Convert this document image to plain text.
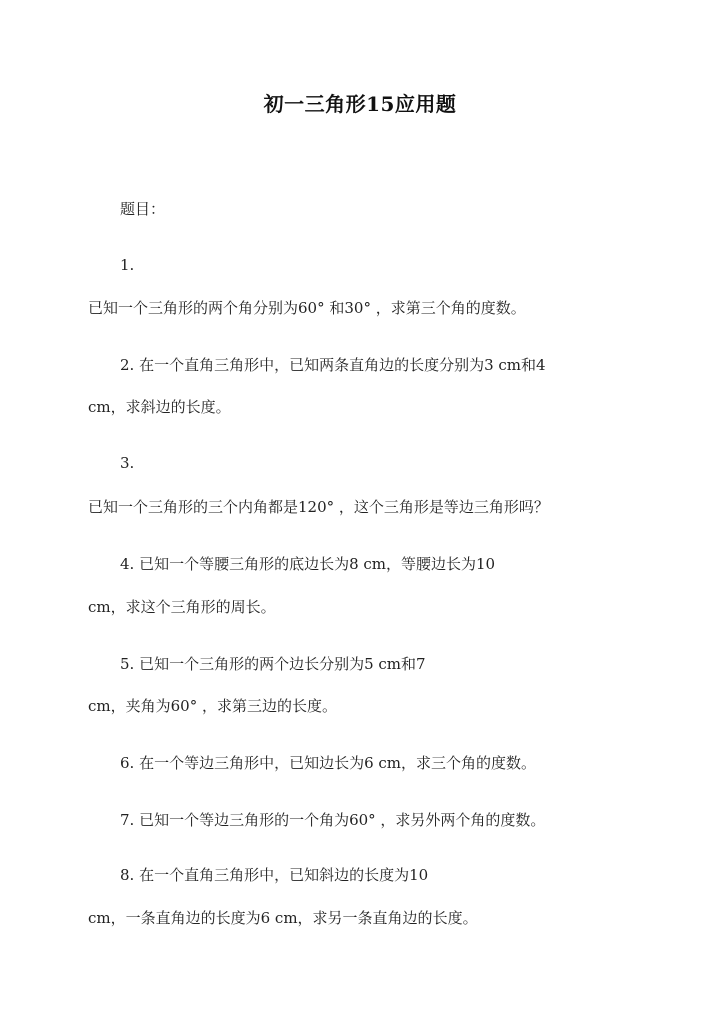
初一三角形15应用题
题目：
1.
已知一个三角形的两个角分别为60° 和30° ，求第三个角的度数。
2. 在一个直角三角形中，已知两条直角边的长度分别为3 cm和4
cm，求斜边的长度。
3.
已知一个三角形的三个内角都是120° ，这个三角形是等边三角形吗？
4. 已知一个等腰三角形的底边长为8 cm，等腰边长为10
cm，求这个三角形的周长。
5. 已知一个三角形的两个边长分别为5 cm和7
cm，夹角为60° ，求第三边的长度。
6. 在一个等边三角形中，已知边长为6 cm，求三个角的度数。
7. 已知一个等边三角形的一个角为60° ，求另外两个角的度数。
8. 在一个直角三角形中，已知斜边的长度为10
cm，一条直角边的长度为6 cm，求另一条直角边的长度。
